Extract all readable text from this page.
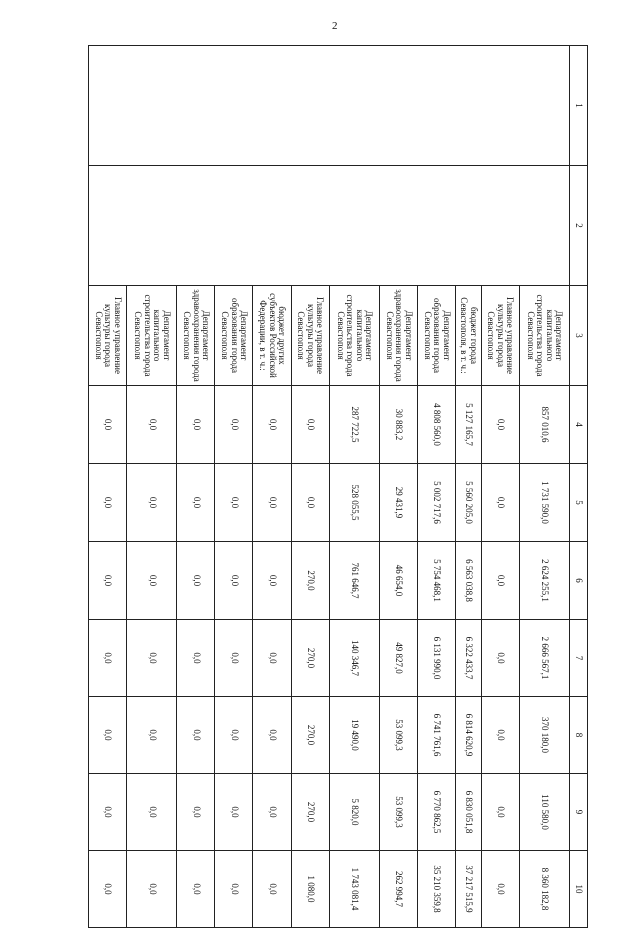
2
1	2	3	4	5	6	7	8	9	10
		Департамент капитального строительства города Севастополя	857 010,6	1 731 590,0	2 624 255,1	2 666 567,1	370 180,0	110 580,0	8 360 182,8
		Главное управление культуры города Севастополя	0,0	0,0	0,0	0,0	0,0	0,0	0,0
		бюджет города Севастополя, в т. ч.:	5 127 165,7	5 560 205,0	6 563 038,8	6 322 433,7	6 814 620,9	6 830 051,8	37 217 515,9
		Департамент образования города Севастополя	4 808 560,0	5 002 717,6	5 754 468,1	6 131 990,0	6 741 761,6	6 770 862,5	35 210 359,8
		Департамент здравоохранения города Севастополя	30 883,2	29 431,9	46 654,0	49 827,0	53 099,3	53 099,3	262 994,7
		Департамент капитального строительства города Севастополя	287 722,5	528 055,5	761 646,7	140 346,7	19 490,0	5 820,0	1 743 081,4
		Главное управление культуры города Севастополя	0,0	0,0	270,0	270,0	270,0	270,0	1 080,0
		бюджет других субъектов Российской Федерации, в т. ч.:	0,0	0,0	0,0	0,0	0,0	0,0	0,0
		Департамент образования города Севастополя	0,0	0,0	0,0	0,0	0,0	0,0	0,0
		Департамент здравоохранения города Севастополя	0,0	0,0	0,0	0,0	0,0	0,0	0,0
		Департамент капитального строительства города Севастополя	0,0	0,0	0,0	0,0	0,0	0,0	0,0
		Главное управление культуры города Севастополя	0,0	0,0	0,0	0,0	0,0	0,0	0,0
